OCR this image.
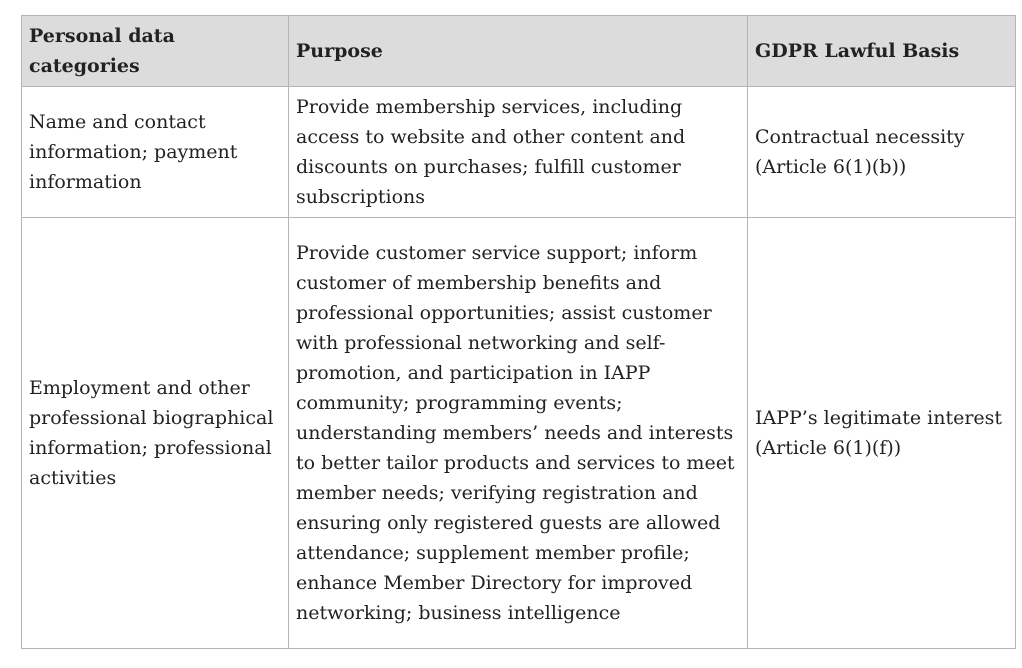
Personal data categories	Purpose	GDPR Lawful Basis

Name and contact information; payment information	Provide membership services, including access to website and other content and discounts on purchases; fulfill customer subscriptions	Contractual necessity (Article 6(1)(b))

Employment and other professional biographical information; professional activities	Provide customer service support; inform customer of membership benefits and professional opportunities; assist customer with professional networking and self-promotion, and participation in IAPP community; programming events; understanding members’ needs and interests to better tailor products and services to meet member needs; verifying registration and ensuring only registered guests are allowed attendance; supplement member profile; enhance Member Directory for improved networking; business intelligence	IAPP’s legitimate interest (Article 6(1)(f))
